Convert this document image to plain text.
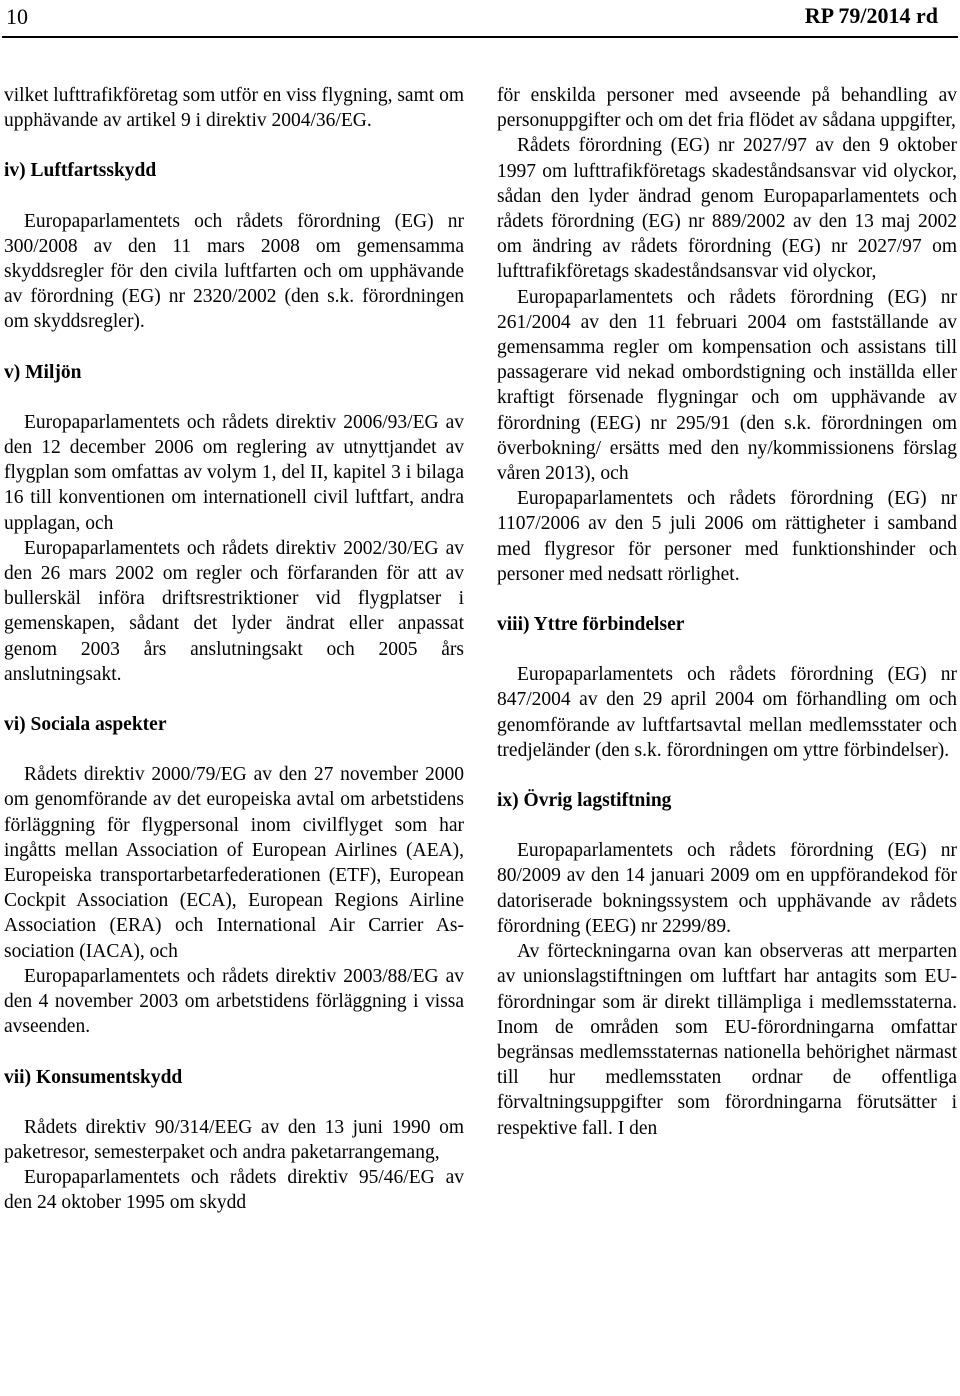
10	RP 79/2014 rd

vilket lufttrafikföretag som utför en viss flygning, samt om upphävande av artikel 9 i direktiv 2004/36/EG.

iv) Luftfartsskydd

Europaparlamentets och rådets förordning (EG) nr 300/2008 av den 11 mars 2008 om gemensamma skyddsregler för den civila luftfarten och om upphävande av förordning (EG) nr 2320/2002 (den s.k. förordningen om skyddsregler).

v) Miljön

Europaparlamentets och rådets direktiv 2006/93/EG av den 12 december 2006 om reglering av utnyttjandet av flygplan som omfattas av volym 1, del II, kapitel 3 i bilaga 16 till konventionen om internationell civil luftfart, andra upplagan, och

Europaparlamentets och rådets direktiv 2002/30/EG av den 26 mars 2002 om regler och förfaranden för att av bullerskäl införa driftsrestriktioner vid flygplatser i gemenskapen, sådant det lyder ändrat eller anpassat genom 2003 års anslutningsakt och 2005 års anslutningsakt.

vi) Sociala aspekter

Rådets direktiv 2000/79/EG av den 27 november 2000 om genomförande av det europeiska avtal om arbetstidens förläggning för flygpersonal inom civilflyget som har ingåtts mellan Association of European Airlines (AEA), Europeiska transportarbetarfederationen (ETF), European Cockpit Association (ECA), European Regions Airline Association (ERA) och International Air Carrier Association (IACA), och

Europaparlamentets och rådets direktiv 2003/88/EG av den 4 november 2003 om arbetstidens förläggning i vissa avseenden.

vii) Konsumentskydd

Rådets direktiv 90/314/EEG av den 13 juni 1990 om paketresor, semesterpaket och andra paketarrangemang,

Europaparlamentets och rådets direktiv 95/46/EG av den 24 oktober 1995 om skydd

för enskilda personer med avseende på behandling av personuppgifter och om det fria flödet av sådana uppgifter,

Rådets förordning (EG) nr 2027/97 av den 9 oktober 1997 om lufttrafikföretags skadeståndsansvar vid olyckor, sådan den lyder ändrad genom Europaparlamentets och rådets förordning (EG) nr 889/2002 av den 13 maj 2002 om ändring av rådets förordning (EG) nr 2027/97 om lufttrafikföretags skadeståndsansvar vid olyckor,

Europaparlamentets och rådets förordning (EG) nr 261/2004 av den 11 februari 2004 om fastställande av gemensamma regler om kompensation och assistans till passagerare vid nekad ombordstigning och inställda eller kraftigt försenade flygningar och om upphävande av förordning (EEG) nr 295/91 (den s.k. förordningen om överbokning/ ersätts med den ny/kommissionens förslag våren 2013), och

Europaparlamentets och rådets förordning (EG) nr 1107/2006 av den 5 juli 2006 om rättigheter i samband med flygresor för personer med funktionshinder och personer med nedsatt rörlighet.

viii) Yttre förbindelser

Europaparlamentets och rådets förordning (EG) nr 847/2004 av den 29 april 2004 om förhandling om och genomförande av luftfartsavtal mellan medlemsstater och tredjeländer (den s.k. förordningen om yttre förbindelser).

ix) Övrig lagstiftning

Europaparlamentets och rådets förordning (EG) nr 80/2009 av den 14 januari 2009 om en uppförandekod för datoriserade bokningssystem och upphävande av rådets förordning (EEG) nr 2299/89.

Av förteckningarna ovan kan observeras att merparten av unionslagstiftningen om luftfart har antagits som EU-förordningar som är direkt tillämpliga i medlemsstaterna. Inom de områden som EU-förordningarna omfattar begränsas medlemsstaternas nationella behörighet närmast till hur medlemsstaten ordnar de offentliga förvaltningsuppgifter som förordningarna förutsätter i respektive fall. I den
